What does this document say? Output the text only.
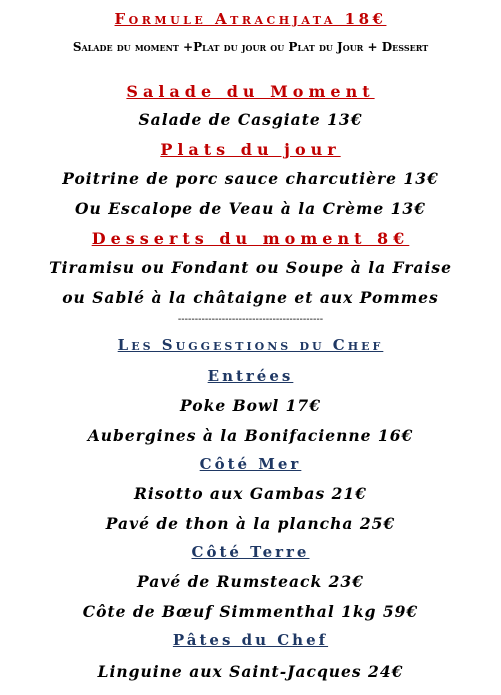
Formule Atrachjata 18€
Salade du moment +Plat du jour ou Plat du Jour + Dessert
Salade du Moment
Salade de Casgiate 13€
Plats du jour
Poitrine de porc sauce charcutière 13€
Ou Escalope de Veau à la Crème 13€
Desserts du moment 8€
Tiramisu ou Fondant ou Soupe à la Fraise
ou Sablé à la châtaigne et aux Pommes
-------------------------------------------
Les Suggestions du Chef
Entrées
Poke Bowl 17€
Aubergines à la Bonifacienne 16€
Côté Mer
Risotto aux Gambas 21€
Pavé de thon à la plancha 25€
Côté Terre
Pavé de Rumsteack 23€
Côte de Bœuf Simmenthal 1kg 59€
Pâtes du Chef
Linguine aux Saint-Jacques 24€
